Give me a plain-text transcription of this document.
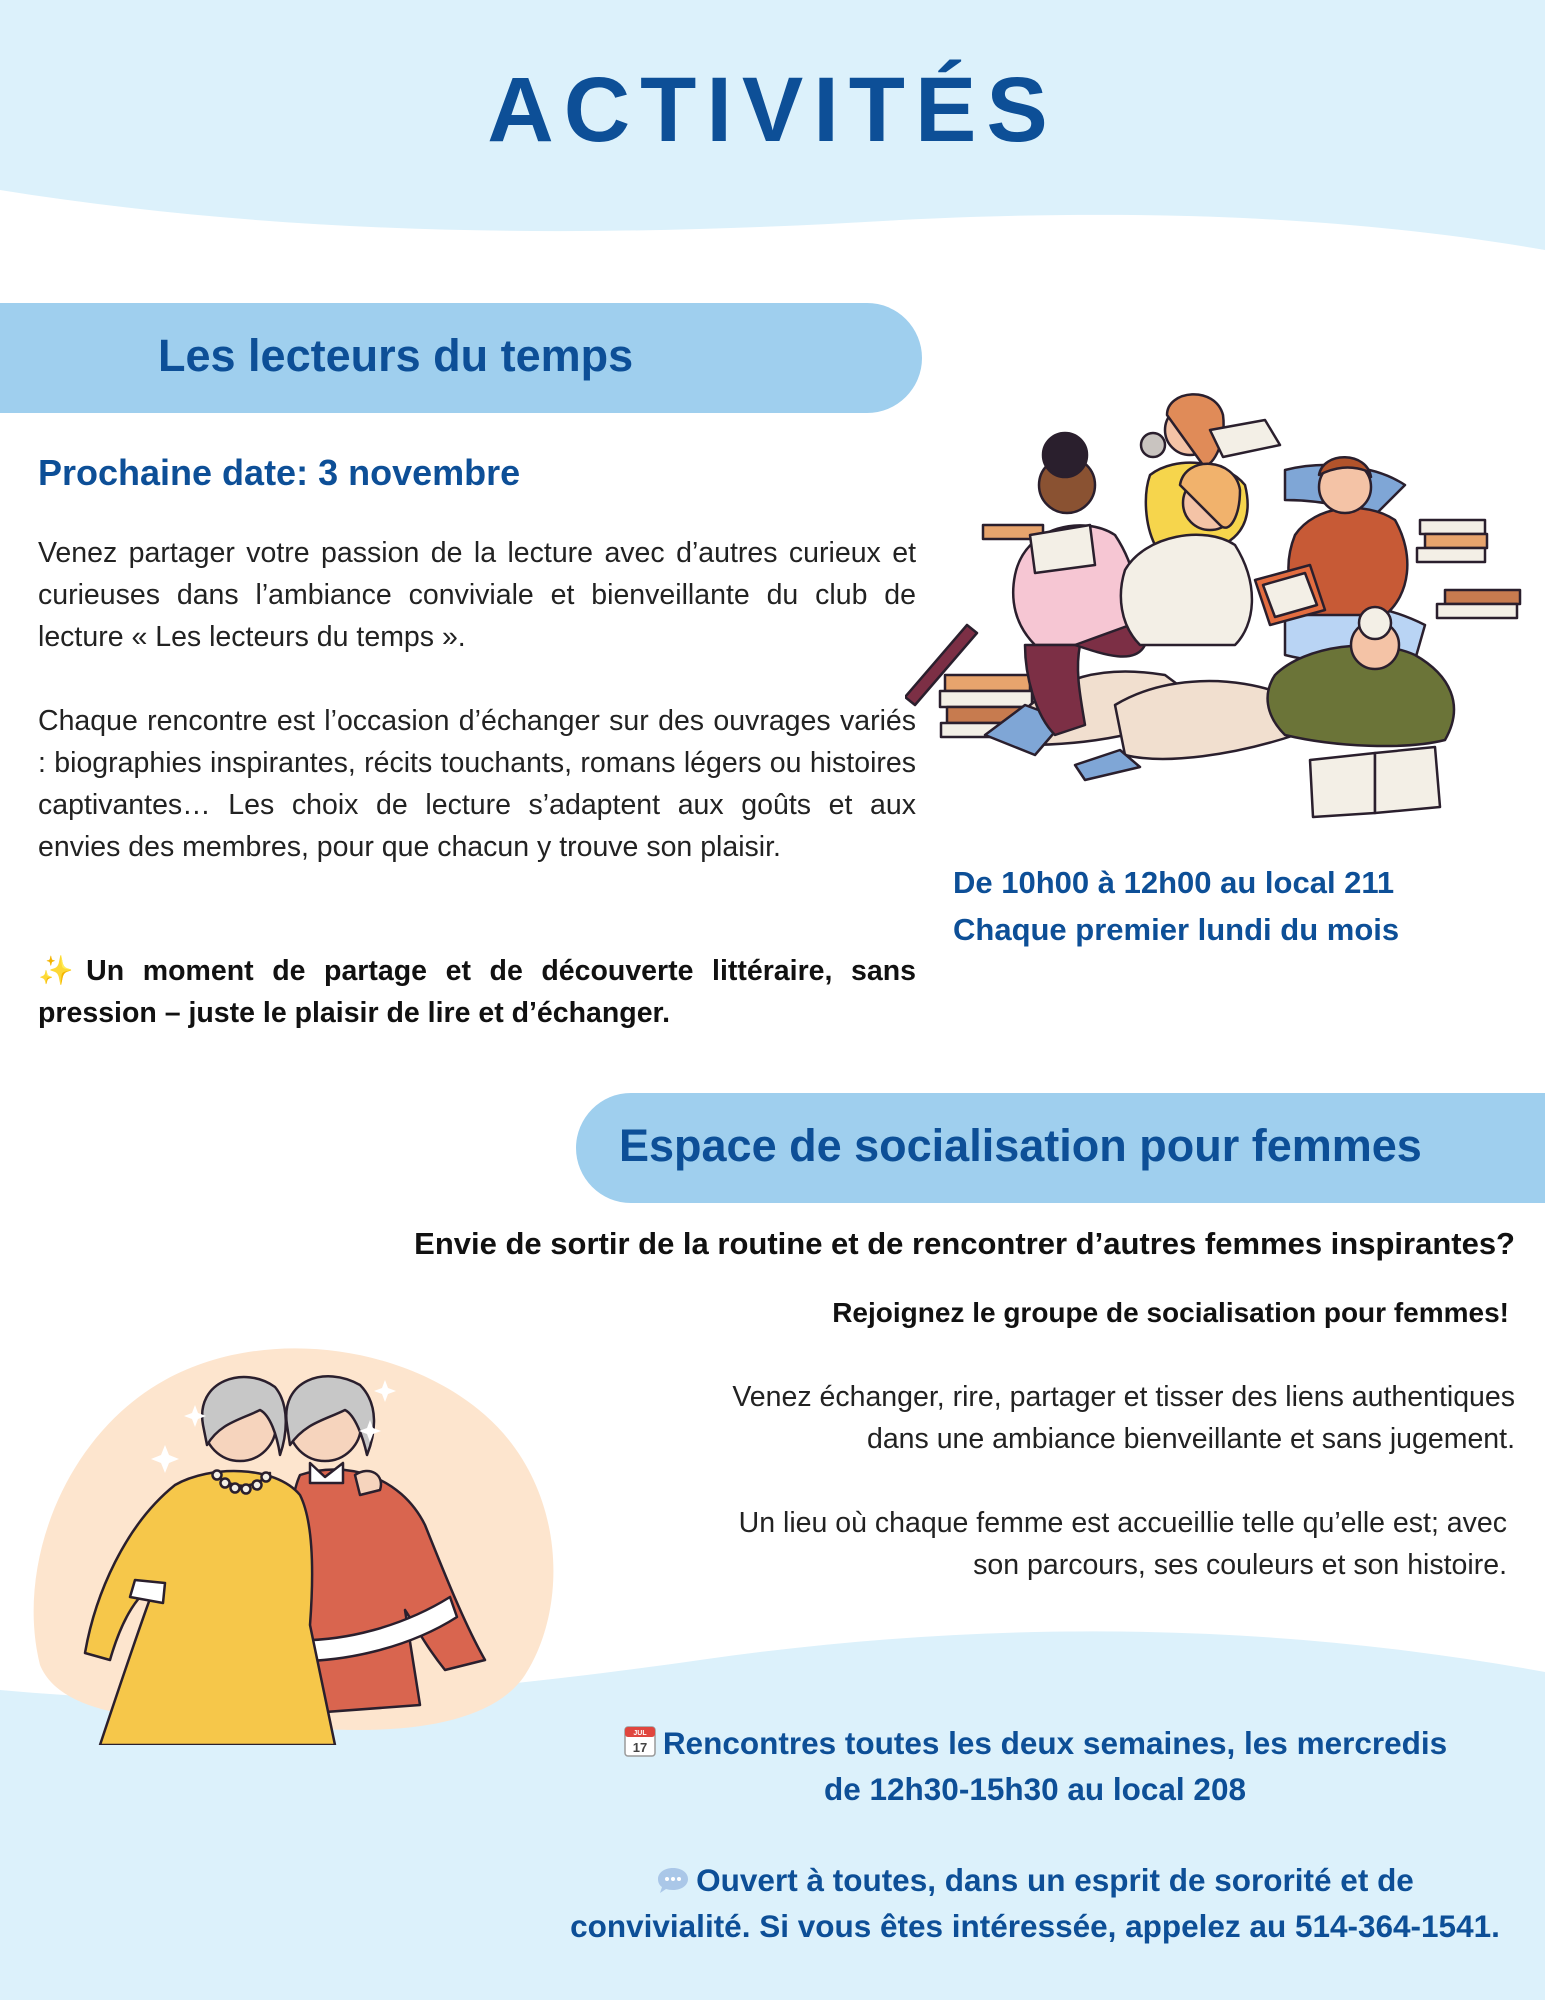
ACTIVITÉS
Les lecteurs du temps
Prochaine date: 3 novembre
Venez partager votre passion de la lecture avec d’autres curieux et curieuses dans l’ambiance conviviale et bienveillante du club de lecture « Les lecteurs du temps ».
Chaque rencontre est l’occasion d’échanger sur des ouvrages variés : biographies inspirantes, récits touchants, romans légers ou histoires captivantes… Les choix de lecture s’adaptent aux goûts et aux envies des membres, pour que chacun y trouve son plaisir.
✨Un moment de partage et de découverte littéraire, sans pression – juste le plaisir de lire et d’échanger.
De 10h00 à 12h00 au local 211
Chaque premier lundi du mois
Espace de socialisation pour femmes
Envie de sortir de la routine et de rencontrer d’autres femmes inspirantes?
Rejoignez le groupe de socialisation pour femmes!
Venez échanger, rire, partager et tisser des liens authentiques
dans une ambiance bienveillante et sans jugement.
Un lieu où chaque femme est accueillie telle qu’elle est; avec
son parcours, ses couleurs et son histoire.
JUL
17 Rencontres toutes les deux semaines, les mercredis
de 12h30-15h30 au local 208
Ouvert à toutes, dans un esprit de sororité et de
convivialité. Si vous êtes intéressée, appelez au 514-364-1541.
